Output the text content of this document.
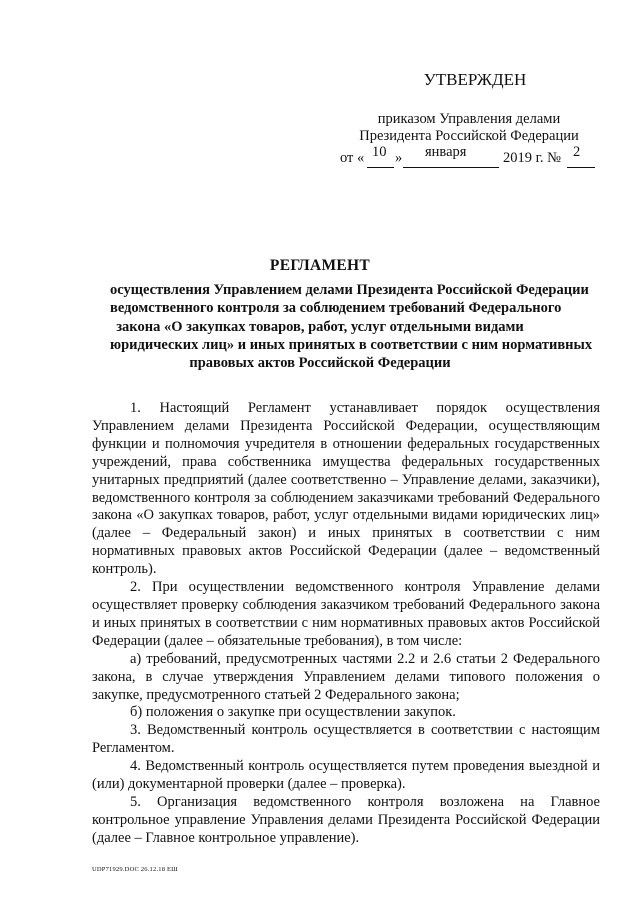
УТВЕРЖДЕН
приказом Управления делами
Президента Российской Федерации
от « 10 » января	2019 г. № 2
РЕГЛАМЕНТ
осуществления Управлением делами Президента Российской Федерации
ведомственного контроля за соблюдением требований Федерального
закона «О закупках товаров, работ, услуг отдельными видами
юридических лиц» и иных принятых в соответствии с ним нормативных
правовых актов Российской Федерации

1. Настоящий Регламент устанавливает порядок осуществления Управлением делами Президента Российской Федерации, осуществляющим функции и полномочия учредителя в отношении федеральных государственных учреждений, права собственника имущества федеральных государственных унитарных предприятий (далее соответственно – Управление делами, заказчики), ведомственного контроля за соблюдением заказчиками требований Федерального закона «О закупках товаров, работ, услуг отдельными видами юридических лиц» (далее – Федеральный закон) и иных принятых в соответствии с ним нормативных правовых актов Российской Федерации (далее – ведомственный контроль).

2. При осуществлении ведомственного контроля Управление делами осуществляет проверку соблюдения заказчиком требований Федерального закона и иных принятых в соответствии с ним нормативных правовых актов Российской Федерации (далее – обязательные требования), в том числе:

а) требований, предусмотренных частями 2.2 и 2.6 статьи 2 Федерального закона, в случае утверждения Управлением делами типового положения о закупке, предусмотренного статьей 2 Федерального закона;

б) положения о закупке при осуществлении закупок.

3. Ведомственный контроль осуществляется в соответствии с настоящим Регламентом.

4. Ведомственный контроль осуществляется путем проведения выездной и (или) документарной проверки (далее – проверка).

5. Организация ведомственного контроля возложена на Главное контрольное управление Управления делами Президента Российской Федерации (далее – Главное контрольное управление).

UDP71929.DOC 26.12.18 ЕШ
